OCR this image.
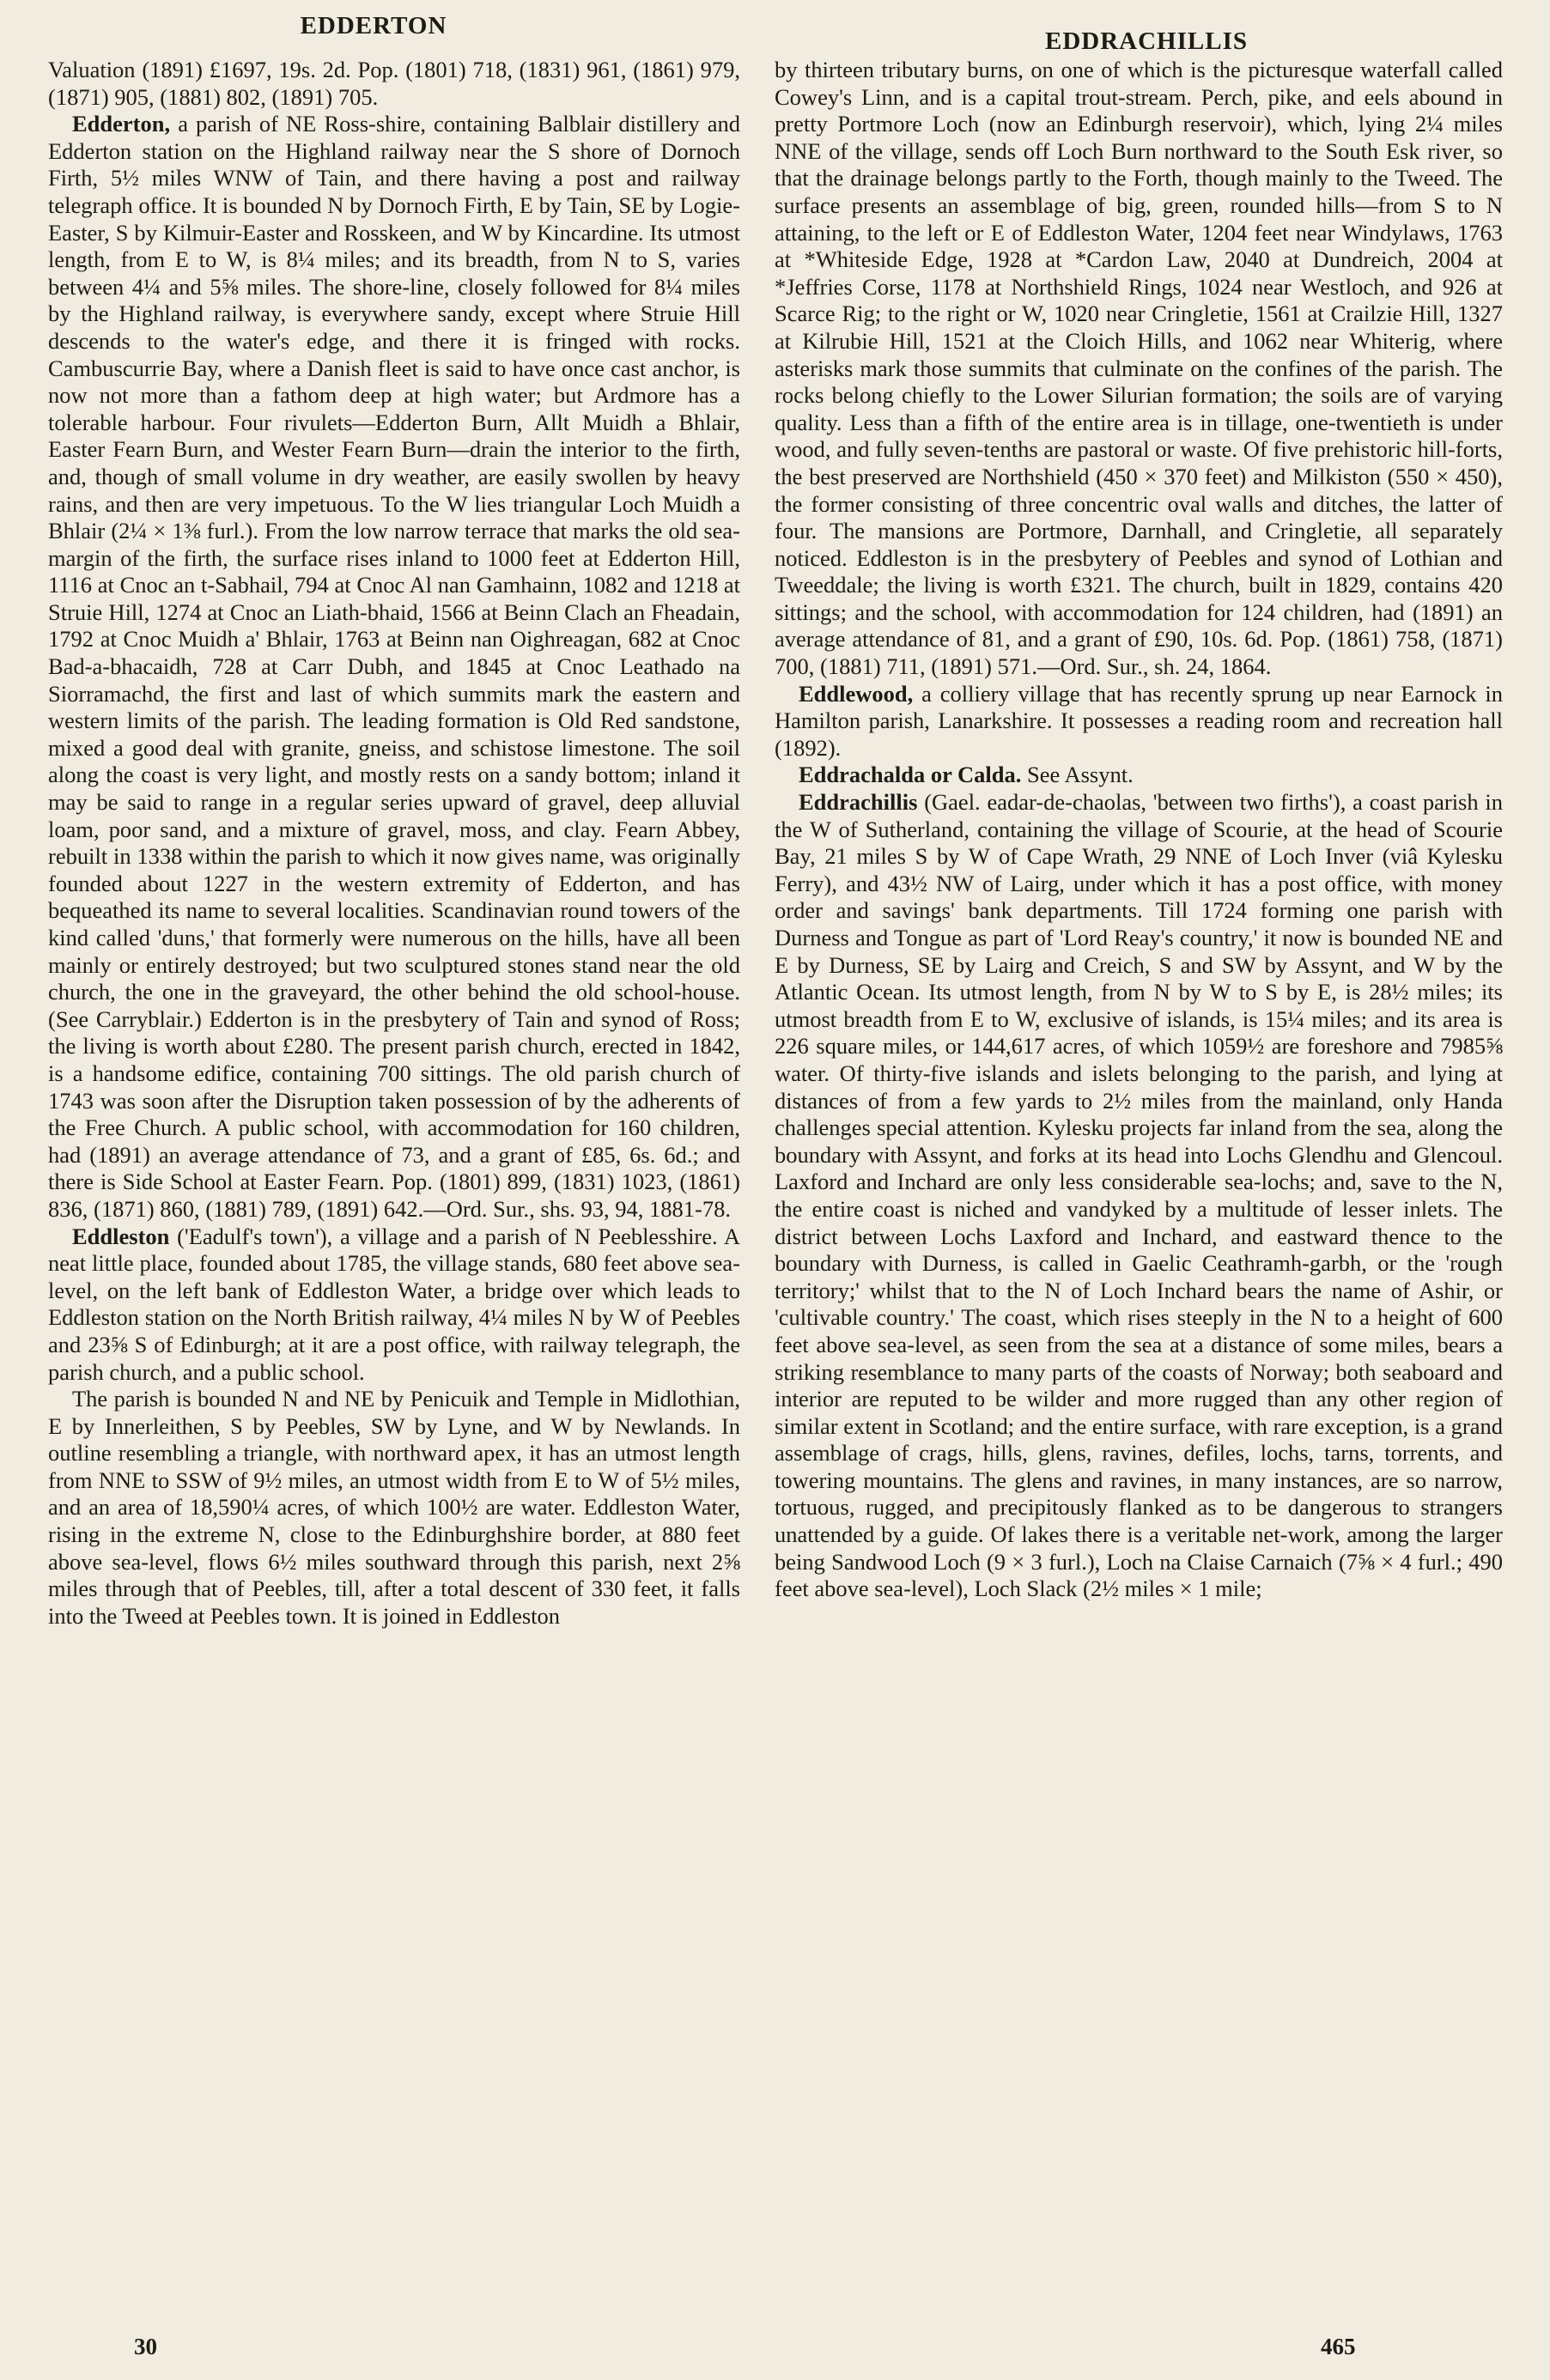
EDDERTON
EDDRACHILLIS

Valuation (1891) £1697, 19s. 2d. Pop. (1801) 718, (1831) 961, (1861) 979, (1871) 905, (1881) 802, (1891) 705.

Edderton, a parish of NE Ross-shire, containing Balblair distillery and Edderton station on the Highland railway near the S shore of Dornoch Firth, 5½ miles WNW of Tain, and there having a post and railway telegraph office. It is bounded N by Dornoch Firth, E by Tain, SE by Logie-Easter, S by Kilmuir-Easter and Rosskeen, and W by Kincardine. Its utmost length, from E to W, is 8¼ miles; and its breadth, from N to S, varies between 4¼ and 5⅝ miles. The shore-line, closely followed for 8¼ miles by the Highland railway, is everywhere sandy, except where Struie Hill descends to the water's edge, and there it is fringed with rocks. Cambuscurrie Bay, where a Danish fleet is said to have once cast anchor, is now not more than a fathom deep at high water; but Ardmore has a tolerable harbour. Four rivulets—Edderton Burn, Allt Muidh a Bhlair, Easter Fearn Burn, and Wester Fearn Burn—drain the interior to the firth, and, though of small volume in dry weather, are easily swollen by heavy rains, and then are very impetuous. To the W lies triangular Loch Muidh a Bhlair (2¼ × 1⅜ furl.). From the low narrow terrace that marks the old sea-margin of the firth, the surface rises inland to 1000 feet at Edderton Hill, 1116 at Cnoc an t-Sabhail, 794 at Cnoc Al nan Gamhainn, 1082 and 1218 at Struie Hill, 1274 at Cnoc an Liath-bhaid, 1566 at Beinn Clach an Fheadain, 1792 at Cnoc Muidh a' Bhlair, 1763 at Beinn nan Oighreagan, 682 at Cnoc Bad-a-bhacaidh, 728 at Carr Dubh, and 1845 at Cnoc Leathado na Siorramachd, the first and last of which summits mark the eastern and western limits of the parish. The leading formation is Old Red sandstone, mixed a good deal with granite, gneiss, and schistose limestone. The soil along the coast is very light, and mostly rests on a sandy bottom; inland it may be said to range in a regular series upward of gravel, deep alluvial loam, poor sand, and a mixture of gravel, moss, and clay. Fearn Abbey, rebuilt in 1338 within the parish to which it now gives name, was originally founded about 1227 in the western extremity of Edderton, and has bequeathed its name to several localities. Scandinavian round towers of the kind called 'duns,' that formerly were numerous on the hills, have all been mainly or entirely destroyed; but two sculptured stones stand near the old church, the one in the graveyard, the other behind the old school-house. (See Carryblair.) Edderton is in the presbytery of Tain and synod of Ross; the living is worth about £280. The present parish church, erected in 1842, is a handsome edifice, containing 700 sittings. The old parish church of 1743 was soon after the Disruption taken possession of by the adherents of the Free Church. A public school, with accommodation for 160 children, had (1891) an average attendance of 73, and a grant of £85, 6s. 6d.; and there is Side School at Easter Fearn. Pop. (1801) 899, (1831) 1023, (1861) 836, (1871) 860, (1881) 789, (1891) 642.—Ord. Sur., shs. 93, 94, 1881-78.

Eddleston ('Eadulf's town'), a village and a parish of N Peeblesshire. A neat little place, founded about 1785, the village stands, 680 feet above sea-level, on the left bank of Eddleston Water, a bridge over which leads to Eddleston station on the North British railway, 4¼ miles N by W of Peebles and 23⅝ S of Edinburgh; at it are a post office, with railway telegraph, the parish church, and a public school.

The parish is bounded N and NE by Penicuik and Temple in Midlothian, E by Innerleithen, S by Peebles, SW by Lyne, and W by Newlands. In outline resembling a triangle, with northward apex, it has an utmost length from NNE to SSW of 9½ miles, an utmost width from E to W of 5½ miles, and an area of 18,590¼ acres, of which 100½ are water. Eddleston Water, rising in the extreme N, close to the Edinburghshire border, at 880 feet above sea-level, flows 6½ miles southward through this parish, next 2⅝ miles through that of Peebles, till, after a total descent of 330 feet, it falls into the Tweed at Peebles town. It is joined in Eddleston

by thirteen tributary burns, on one of which is the picturesque waterfall called Cowey's Linn, and is a capital trout-stream. Perch, pike, and eels abound in pretty Portmore Loch (now an Edinburgh reservoir), which, lying 2¼ miles NNE of the village, sends off Loch Burn northward to the South Esk river, so that the drainage belongs partly to the Forth, though mainly to the Tweed. The surface presents an assemblage of big, green, rounded hills—from S to N attaining, to the left or E of Eddleston Water, 1204 feet near Windylaws, 1763 at *Whiteside Edge, 1928 at *Cardon Law, 2040 at Dundreich, 2004 at *Jeffries Corse, 1178 at Northshield Rings, 1024 near Westloch, and 926 at Scarce Rig; to the right or W, 1020 near Cringletie, 1561 at Crailzie Hill, 1327 at Kilrubie Hill, 1521 at the Cloich Hills, and 1062 near Whiterig, where asterisks mark those summits that culminate on the confines of the parish. The rocks belong chiefly to the Lower Silurian formation; the soils are of varying quality. Less than a fifth of the entire area is in tillage, one-twentieth is under wood, and fully seven-tenths are pastoral or waste. Of five prehistoric hill-forts, the best preserved are Northshield (450 × 370 feet) and Milkiston (550 × 450), the former consisting of three concentric oval walls and ditches, the latter of four. The mansions are Portmore, Darnhall, and Cringletie, all separately noticed. Eddleston is in the presbytery of Peebles and synod of Lothian and Tweeddale; the living is worth £321. The church, built in 1829, contains 420 sittings; and the school, with accommodation for 124 children, had (1891) an average attendance of 81, and a grant of £90, 10s. 6d. Pop. (1861) 758, (1871) 700, (1881) 711, (1891) 571.—Ord. Sur., sh. 24, 1864.

Eddlewood, a colliery village that has recently sprung up near Earnock in Hamilton parish, Lanarkshire. It possesses a reading room and recreation hall (1892).

Eddrachalda or Calda. See Assynt.

Eddrachillis (Gael. eadar-de-chaolas, 'between two firths'), a coast parish in the W of Sutherland, containing the village of Scourie, at the head of Scourie Bay, 21 miles S by W of Cape Wrath, 29 NNE of Loch Inver (viâ Kylesku Ferry), and 43½ NW of Lairg, under which it has a post office, with money order and savings' bank departments. Till 1724 forming one parish with Durness and Tongue as part of 'Lord Reay's country,' it now is bounded NE and E by Durness, SE by Lairg and Creich, S and SW by Assynt, and W by the Atlantic Ocean. Its utmost length, from N by W to S by E, is 28½ miles; its utmost breadth from E to W, exclusive of islands, is 15¼ miles; and its area is 226 square miles, or 144,617 acres, of which 1059½ are foreshore and 7985⅝ water. Of thirty-five islands and islets belonging to the parish, and lying at distances of from a few yards to 2½ miles from the mainland, only Handa challenges special attention. Kylesku projects far inland from the sea, along the boundary with Assynt, and forks at its head into Lochs Glendhu and Glencoul. Laxford and Inchard are only less considerable sea-lochs; and, save to the N, the entire coast is niched and vandyked by a multitude of lesser inlets. The district between Lochs Laxford and Inchard, and eastward thence to the boundary with Durness, is called in Gaelic Ceathramh-garbh, or the 'rough territory;' whilst that to the N of Loch Inchard bears the name of Ashir, or 'cultivable country.' The coast, which rises steeply in the N to a height of 600 feet above sea-level, as seen from the sea at a distance of some miles, bears a striking resemblance to many parts of the coasts of Norway; both seaboard and interior are reputed to be wilder and more rugged than any other region of similar extent in Scotland; and the entire surface, with rare exception, is a grand assemblage of crags, hills, glens, ravines, defiles, lochs, tarns, torrents, and towering mountains. The glens and ravines, in many instances, are so narrow, tortuous, rugged, and precipitously flanked as to be dangerous to strangers unattended by a guide. Of lakes there is a veritable net-work, among the larger being Sandwood Loch (9 × 3 furl.), Loch na Claise Carnaich (7⅝ × 4 furl.; 490 feet above sea-level), Loch Slack (2½ miles × 1 mile;

30	465
